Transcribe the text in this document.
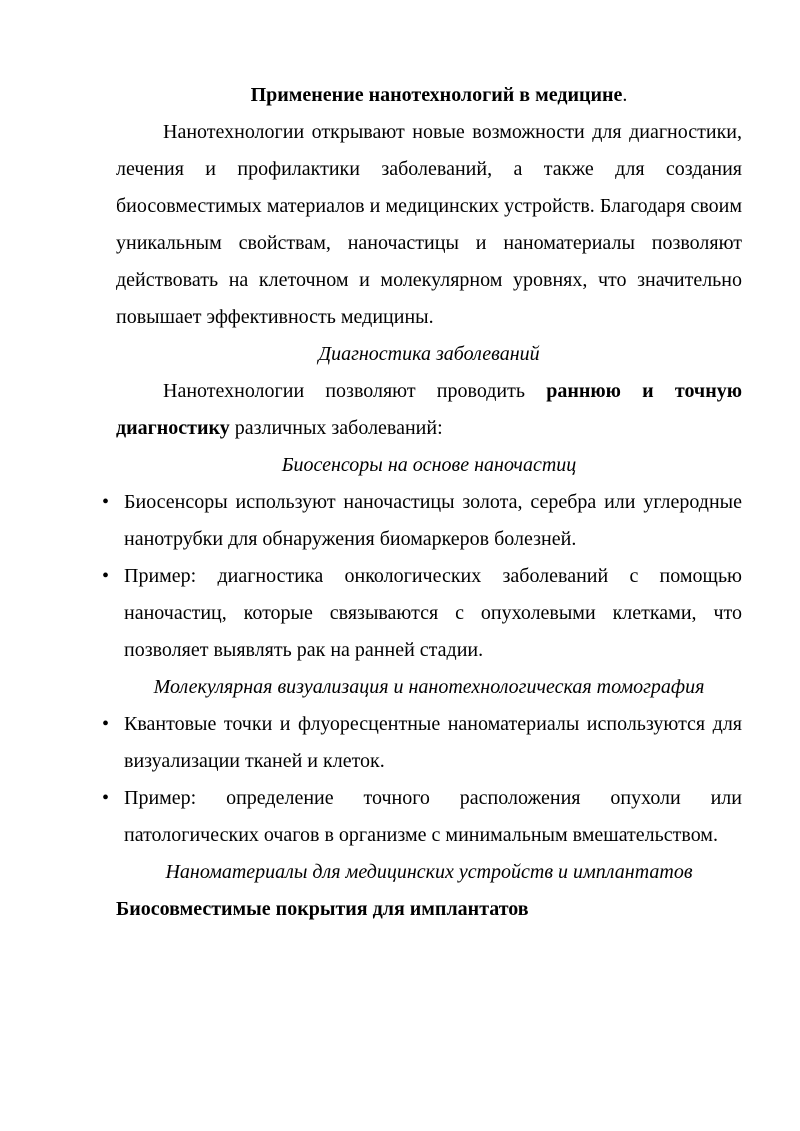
Применение нанотехнологий в медицине.

Нанотехнологии открывают новые возможности для диагностики, лечения и профилактики заболеваний, а также для создания биосовместимых материалов и медицинских устройств. Благодаря своим уникальным свойствам, наночастицы и наноматериалы позволяют действовать на клеточном и молекулярном уровнях, что значительно повышает эффективность медицины.

Диагностика заболеваний

Нанотехнологии позволяют проводить раннюю и точную диагностику различных заболеваний:

Биосенсоры на основе наночастиц

• Биосенсоры используют наночастицы золота, серебра или углеродные нанотрубки для обнаружения биомаркеров болезней.
• Пример: диагностика онкологических заболеваний с помощью наночастиц, которые связываются с опухолевыми клетками, что позволяет выявлять рак на ранней стадии.

Молекулярная визуализация и нанотехнологическая томография

• Квантовые точки и флуоресцентные наноматериалы используются для визуализации тканей и клеток.
• Пример: определение точного расположения опухоли или патологических очагов в организме с минимальным вмешательством.

Наноматериалы для медицинских устройств и имплантатов

Биосовместимые покрытия для имплантатов
